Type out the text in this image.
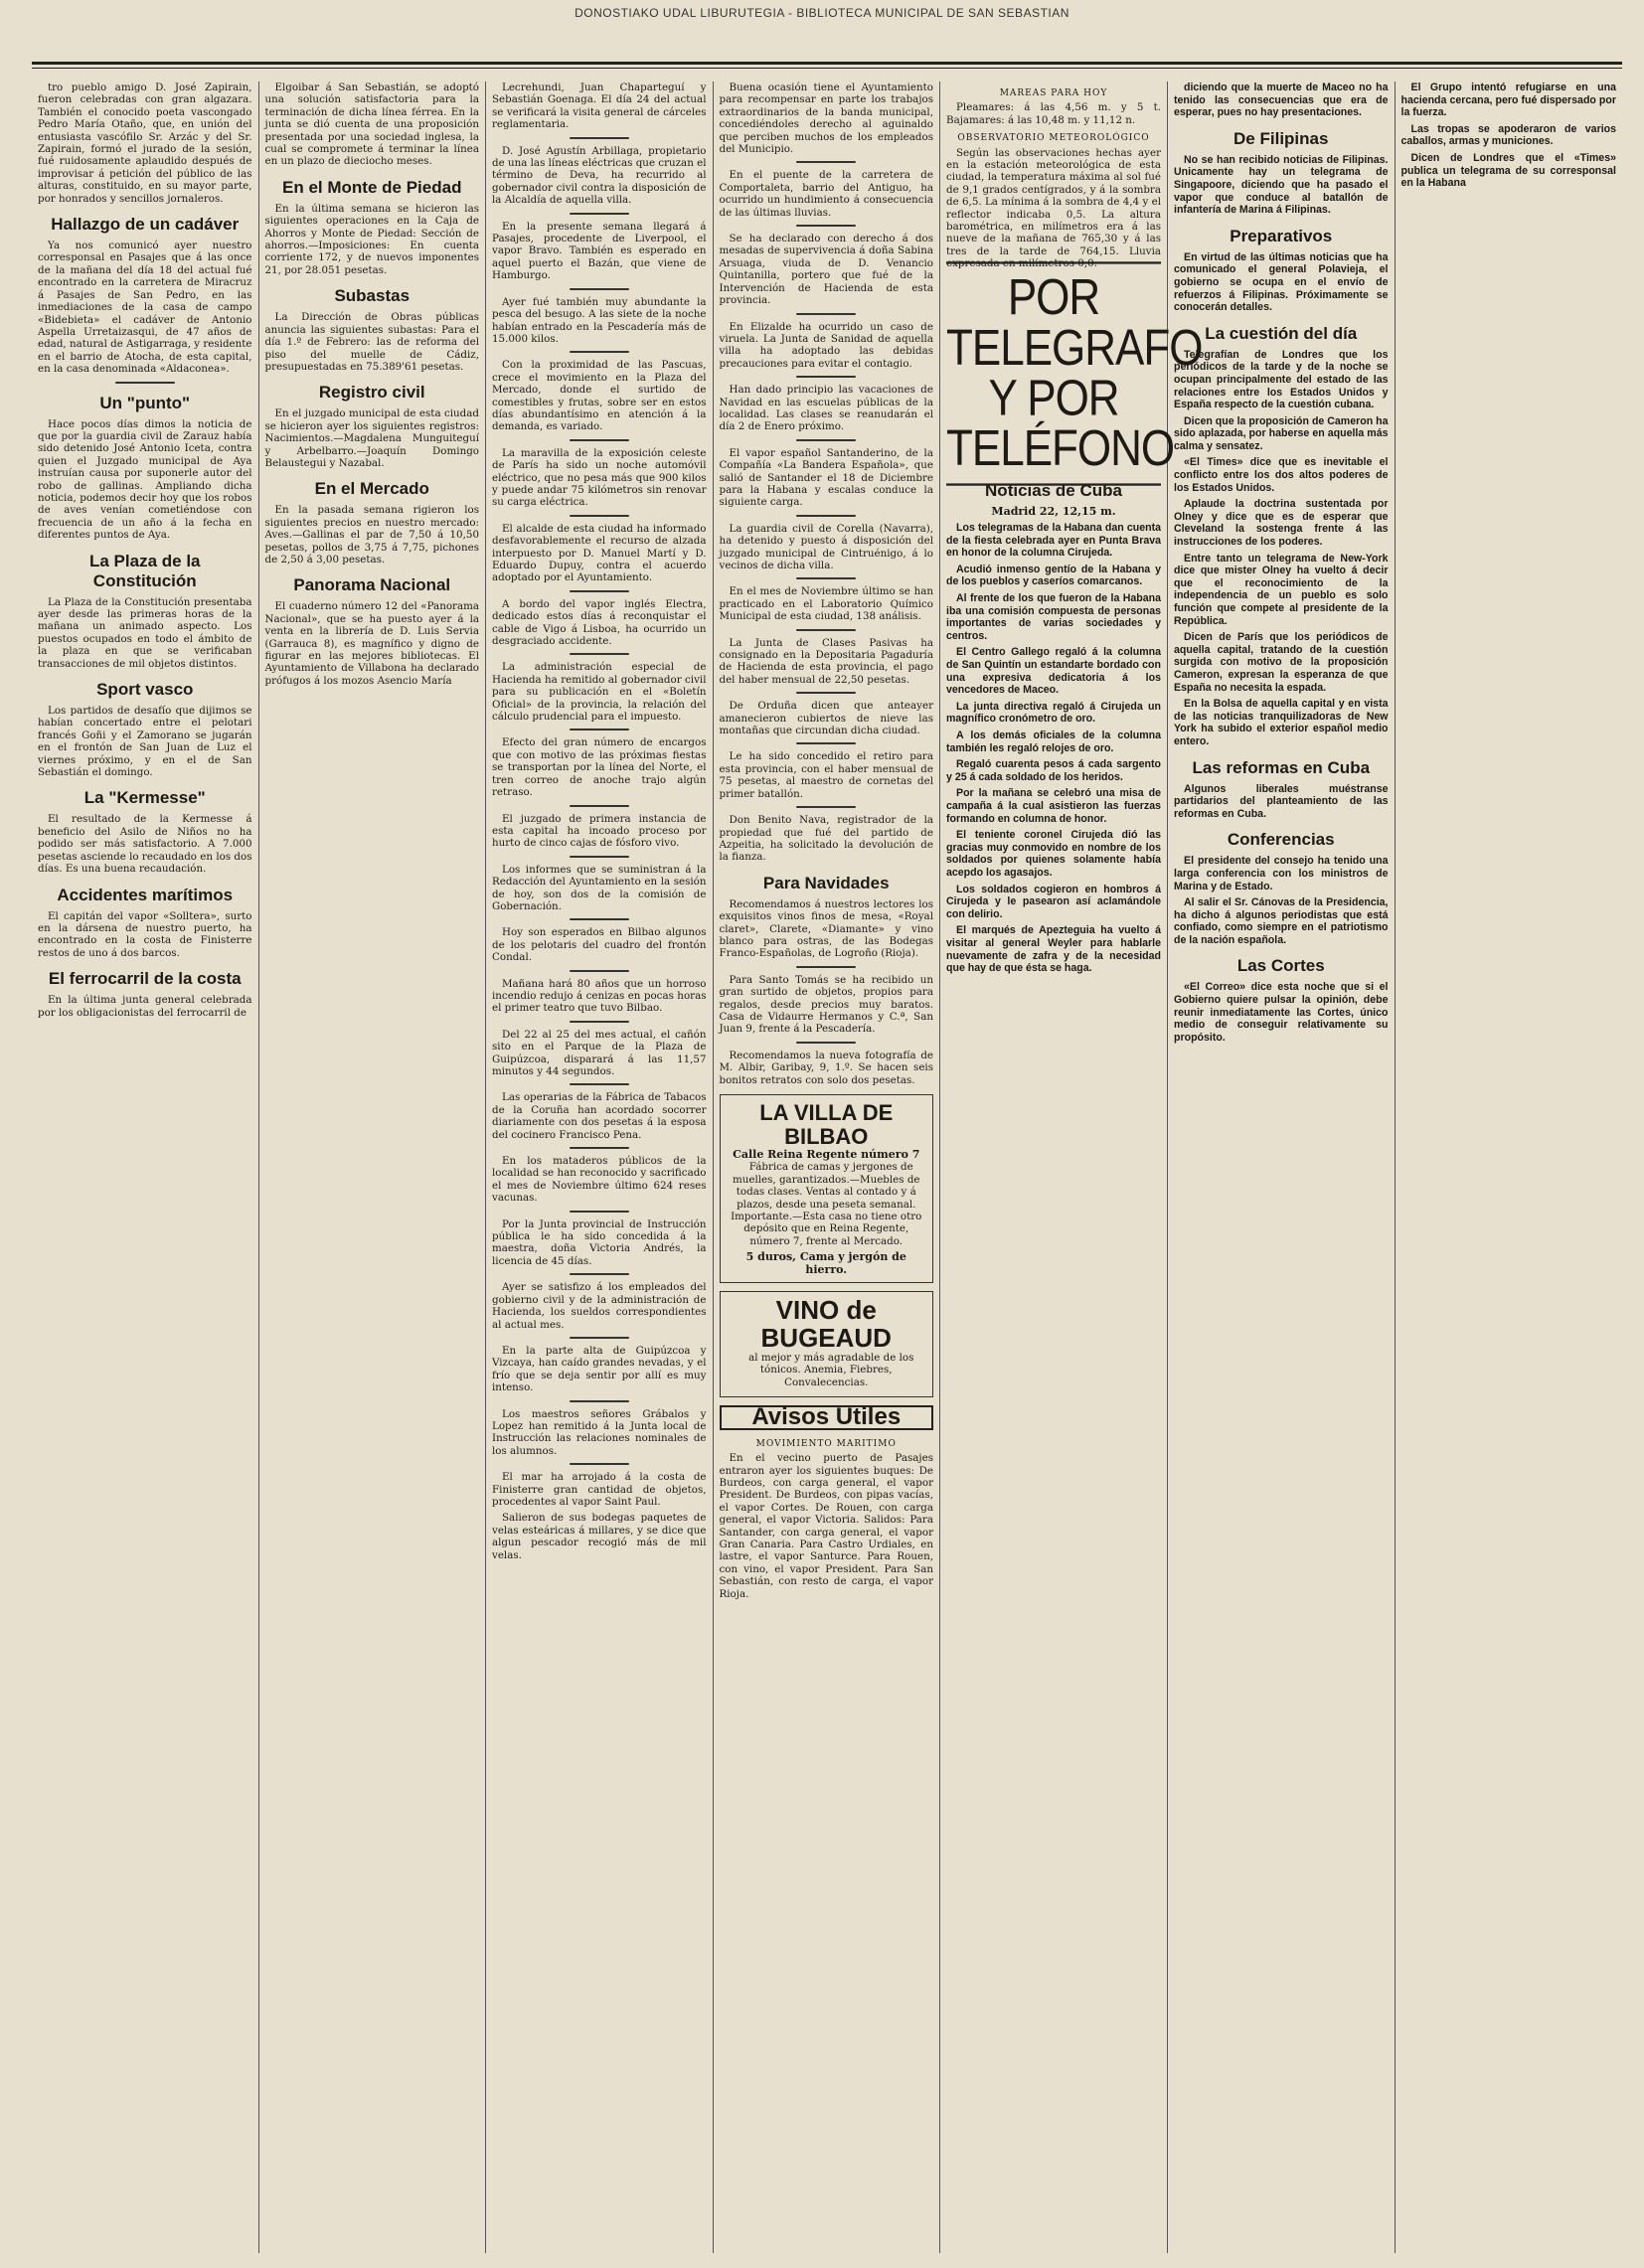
DONOSTIAKO UDAL LIBURUTEGIA - BIBLIOTECA MUNICIPAL DE SAN SEBASTIAN

tro pueblo amigo D. José Zapirain, fueron celebradas con gran algazara. También el conocido poeta vascongado Pedro María Otaño, que, en unión del entusiasta vascófilo Sr. Arzác y del Sr. Zapirain, formó el jurado de la sesión, fué ruidosamente aplaudido después de improvisar á petición del público de las alturas, constituido, en su mayor parte, por honrados y sencillos jornaleros.

Hallazgo de un cadáver

Ya nos comunicó ayer nuestro corresponsal en Pasajes que á las once de la mañana del día 18 del actual fué encontrado en la carretera de Miracruz á Pasajes de San Pedro, en las inmediaciones de la casa de campo «Bidebieta» el cadáver de Antonio Aspella Urretaizasqui, de 47 años de edad, natural de Astigarraga, y residente en el barrio de Atocha, de esta capital, en la casa denominada «Aldaconea».

Un "punto"

Hace pocos días dimos la noticia de que por la guardia civil de Zarauz había sido detenido José Antonio Iceta, contra quien el Juzgado municipal de Aya instruían causa por suponerle autor del robo de gallinas. Ampliando dicha noticia, podemos decir hoy que los robos de aves venían cometiéndose con frecuencia de un año á la fecha en diferentes puntos de Aya.

La Plaza de la Constitución

La Plaza de la Constitución presentaba ayer desde las primeras horas de la mañana un animado aspecto. Los puestos ocupados en todo el ámbito de la plaza en que se verificaban transacciones de mil objetos distintos.

Sport vasco

Los partidos de desafío que dijimos se habían concertado entre el pelotari francés Goñi y el Zamorano se jugarán en el frontón de San Juan de Luz el viernes próximo, y en el de San Sebastián el domingo.

La "Kermesse"

El resultado de la Kermesse á beneficio del Asilo de Niños no ha podido ser más satisfactorio. A 7.000 pesetas asciende lo recaudado en los dos días. Es una buena recaudación.

Accidentes marítimos

El capitán del vapor «Solltera», surto en la dársena de nuestro puerto, ha encontrado en la costa de Finisterre restos de uno á dos barcos.

El ferrocarril de la costa

En la última junta general celebrada por los obligacionistas del ferrocarril de

Elgoibar á San Sebastián, se adoptó una solución satisfactoria para la terminación de dicha línea férrea. En la junta se dió cuenta de una proposición presentada por una sociedad inglesa, la cual se compromete á terminar la línea en un plazo de dieciocho meses.

En el Monte de Piedad

En la última semana se hicieron las siguientes operaciones en la Caja de Ahorros y Monte de Piedad: Sección de ahorros.—Imposiciones: En cuenta corriente 172, y de nuevos imponentes 21, por 28.051 pesetas.

Subastas

La Dirección de Obras públicas anuncia las siguientes subastas: Para el día 1.º de Febrero: las de reforma del piso del muelle de Cádiz, presupuestadas en 75.389'61 pesetas.

Registro civil

En el juzgado municipal de esta ciudad se hicieron ayer los siguientes registros: Nacimientos.—Magdalena Munguiteguí y Arbelbarro.—Joaquín Domingo Belaustegui y Nazabal.

En el Mercado

En la pasada semana rigieron los siguientes precios en nuestro mercado: Aves.—Gallinas el par de 7,50 á 10,50 pesetas, pollos de 3,75 á 7,75, pichones de 2,50 á 3,00 pesetas.

Panorama Nacional

El cuaderno número 12 del «Panorama Nacional», que se ha puesto ayer á la venta en la librería de D. Luis Servia (Garrauca 8), es magnífico y digno de figurar en las mejores bibliotecas. El Ayuntamiento de Villabona ha declarado prófugos á los mozos Asencio María

Lecrehundi, Juan Chaparteguí y Sebastián Goenaga. El día 24 del actual se verificará la visita general de cárceles reglamentaria.

D. José Agustín Arbillaga, propietario de una las líneas eléctricas que cruzan el término de Deva, ha recurrido al gobernador civil contra la disposición de la Alcaldía de aquella villa.

En la presente semana llegará á Pasajes, procedente de Liverpool, el vapor Bravo. También es esperado en aquel puerto el Bazán, que viene de Hamburgo.

Ayer fué también muy abundante la pesca del besugo. A las siete de la noche habían entrado en la Pescadería más de 15.000 kilos.

Con la proximidad de las Pascuas, crece el movimiento en la Plaza del Mercado, donde el surtido de comestibles y frutas, sobre ser en estos días abundantísimo en atención á la demanda, es variado.

La maravilla de la exposición celeste de París ha sido un noche automóvil eléctrico, que no pesa más que 900 kilos y puede andar 75 kilómetros sin renovar su carga eléctrica.

El alcalde de esta ciudad ha informado desfavorablemente el recurso de alzada interpuesto por D. Manuel Martí y D. Eduardo Dupuy, contra el acuerdo adoptado por el Ayuntamiento.

A bordo del vapor inglés Electra, dedicado estos días á reconquistar el cable de Vigo á Lisboa, ha ocurrido un desgraciado accidente.

La administración especial de Hacienda ha remitido al gobernador civil para su publicación en el «Boletín Oficial» de la provincia, la relación del cálculo prudencial para el impuesto.

Efecto del gran número de encargos que con motivo de las próximas fiestas se transportan por la línea del Norte, el tren correo de anoche trajo algún retraso.

El juzgado de primera instancia de esta capital ha incoado proceso por hurto de cinco cajas de fósforo vivo.

Los informes que se suministran á la Redacción del Ayuntamiento en la sesión de hoy, son dos de la comisión de Gobernación.

Hoy son esperados en Bilbao algunos de los pelotaris del cuadro del frontón Condal.

Mañana hará 80 años que un horroso incendio redujo á cenizas en pocas horas el primer teatro que tuvo Bilbao.

Del 22 al 25 del mes actual, el cañón sito en el Parque de la Plaza de Guipúzcoa, disparará á las 11,57 minutos y 44 segundos.

Las operarias de la Fábrica de Tabacos de la Coruña han acordado socorrer diariamente con dos pesetas á la esposa del cocinero Francisco Pena.

En los mataderos públicos de la localidad se han reconocido y sacrificado el mes de Noviembre último 624 reses vacunas.

Por la Junta provincial de Instrucción pública le ha sido concedida á la maestra, doña Victoria Andrés, la licencia de 45 días.

Ayer se satisfizo á los empleados del gobierno civil y de la administración de Hacienda, los sueldos correspondientes al actual mes.

En la parte alta de Guipúzcoa y Vizcaya, han caído grandes nevadas, y el frío que se deja sentir por allí es muy intenso.

Los maestros señores Grábalos y Lopez han remitido á la Junta local de Instrucción las relaciones nominales de los alumnos.

El mar ha arrojado á la costa de Finisterre gran cantidad de objetos, procedentes al vapor Saint Paul.

Salieron de sus bodegas paquetes de velas esteáricas á millares, y se dice que algun pescador recogió más de mil velas.

Buena ocasión tiene el Ayuntamiento para recompensar en parte los trabajos extraordinarios de la banda municipal, concediéndoles derecho al aguinaldo que perciben muchos de los empleados del Municipio.

En el puente de la carretera de Comportaleta, barrio del Antiguo, ha ocurrido un hundimiento á consecuencia de las últimas lluvias.

Se ha declarado con derecho á dos mesadas de supervivencia á doña Sabina Arsuaga, viuda de D. Venancio Quintanilla, portero que fué de la Intervención de Hacienda de esta provincia.

En Elizalde ha ocurrido un caso de viruela. La Junta de Sanidad de aquella villa ha adoptado las debidas precauciones para evitar el contagio.

Han dado principio las vacaciones de Navidad en las escuelas públicas de la localidad. Las clases se reanudarán el día 2 de Enero próximo.

El vapor español Santanderino, de la Compañía «La Bandera Española», que salió de Santander el 18 de Diciembre para la Habana y escalas conduce la siguiente carga.

La guardia civil de Corella (Navarra), ha detenido y puesto á disposición del juzgado municipal de Cintruénigo, á lo vecinos de dicha villa.

En el mes de Noviembre último se han practicado en el Laboratorio Químico Municipal de esta ciudad, 138 análisis.

La Junta de Clases Pasivas ha consignado en la Depositaria Pagaduría de Hacienda de esta provincia, el pago del haber mensual de 22,50 pesetas.

De Orduña dicen que anteayer amanecieron cubiertos de nieve las montañas que circundan dicha ciudad.

Le ha sido concedido el retiro para esta provincia, con el haber mensual de 75 pesetas, al maestro de cornetas del primer batallón.

Don Benito Nava, registrador de la propiedad que fué del partido de Azpeitia, ha solicitado la devolución de la fianza.

Para Navidades

Recomendamos á nuestros lectores los exquisitos vinos finos de mesa, «Royal claret», Clarete, «Diamante» y vino blanco para ostras, de las Bodegas Franco-Españolas, de Logroño (Rioja).

Para Santo Tomás se ha recibido un gran surtido de objetos, propios para regalos, desde precios muy baratos. Casa de Vidaurre Hermanos y C.ª, San Juan 9, frente á la Pescadería.

Recomendamos la nueva fotografía de M. Albir, Garibay, 9, 1.º. Se hacen seis bonitos retratos con solo dos pesetas.

LA VILLA DE BILBAO
Calle Reina Regente número 7

Fábrica de camas y jergones de muelles, garantizados.—Muebles de todas clases. Ventas al contado y á plazos, desde una peseta semanal. Importante.—Esta casa no tiene otro depósito que en Reina Regente, número 7, frente al Mercado.

5 duros, Cama y jergón de hierro.
VINO de BUGEAUD

al mejor y más agradable de los tónicos. Anemia, Fiebres, Convalecencias.

Avisos Utiles
MOVIMIENTO MARITIMO

En el vecino puerto de Pasajes entraron ayer los siguientes buques: De Burdeos, con carga general, el vapor President. De Burdeos, con pipas vacías, el vapor Cortes. De Rouen, con carga general, el vapor Victoria. Salidos: Para Santander, con carga general, el vapor Gran Canaria. Para Castro Urdiales, en lastre, el vapor Santurce. Para Rouen, con vino, el vapor President. Para San Sebastián, con resto de carga, el vapor Rioja.

MAREAS PARA HOY

Pleamares: á las 4,56 m. y 5 t. Bajamares: á las 10,48 m. y 11,12 n.

OBSERVATORIO METEOROLÓGICO

Según las observaciones hechas ayer en la estación meteorológica de esta ciudad, la temperatura máxima al sol fué de 9,1 grados centígrados, y á la sombra de 6,5. La mínima á la sombra de 4,4 y el reflector indicaba 0,5. La altura barométrica, en milímetros era á las nueve de la mañana de 765,30 y á las tres de la tarde de 764,15. Lluvia expresada en milímetros 0,0.

POR TELEGRAFO
Y POR TELÉFONO
Noticias de Cuba
Madrid 22, 12,15 m.

Los telegramas de la Habana dan cuenta de la fiesta celebrada ayer en Punta Brava en honor de la columna Cirujeda.

Acudió inmenso gentío de la Habana y de los pueblos y caseríos comarcanos.

Al frente de los que fueron de la Habana iba una comisión compuesta de personas importantes de varias sociedades y centros.

El Centro Gallego regaló á la columna de San Quintín un estandarte bordado con una expresiva dedicatoria á los vencedores de Maceo.

La junta directiva regaló á Cirujeda un magnífico cronómetro de oro.

A los demás oficiales de la columna también les regaló relojes de oro.

Regaló cuarenta pesos á cada sargento y 25 á cada soldado de los heridos.

Por la mañana se celebró una misa de campaña á la cual asistieron las fuerzas formando en columna de honor.

El teniente coronel Cirujeda dió las gracias muy conmovido en nombre de los soldados por quienes solamente había acepdo los agasajos.

Los soldados cogieron en hombros á Cirujeda y le pasearon así aclamándole con delirio.

El marqués de Apezteguia ha vuelto á visitar al general Weyler para hablarle nuevamente de zafra y de la necesidad que hay de que ésta se haga.

diciendo que la muerte de Maceo no ha tenido las consecuencias que era de esperar, pues no hay presentaciones.

De Filipinas

No se han recibido noticias de Filipinas. Unicamente hay un telegrama de Singapoore, diciendo que ha pasado el vapor que conduce al batallón de infantería de Marina á Filipinas.

Preparativos

En virtud de las últimas noticias que ha comunicado el general Polavieja, el gobierno se ocupa en el envío de refuerzos á Filipinas. Próximamente se conocerán detalles.

La cuestión del día

Telegrafían de Londres que los periódicos de la tarde y de la noche se ocupan principalmente del estado de las relaciones entre los Estados Unidos y España respecto de la cuestión cubana.

Dicen que la proposición de Cameron ha sido aplazada, por haberse en aquella más calma y sensatez.

«El Times» dice que es inevitable el conflicto entre los dos altos poderes de los Estados Unidos.

Aplaude la doctrina sustentada por Olney y dice que es de esperar que Cleveland la sostenga frente á las instrucciones de los poderes.

Entre tanto un telegrama de New-York dice que mister Olney ha vuelto á decir que el reconocimiento de la independencia de un pueblo es solo función que compete al presidente de la República.

Dicen de París que los periódicos de aquella capital, tratando de la cuestión surgida con motivo de la proposición Cameron, expresan la esperanza de que España no necesita la espada.

En la Bolsa de aquella capital y en vista de las noticias tranquilizadoras de New York ha subido el exterior español medio entero.

Las reformas en Cuba

Algunos liberales muéstranse partidarios del planteamiento de las reformas en Cuba.

Conferencias

El presidente del consejo ha tenido una larga conferencia con los ministros de Marina y de Estado.

Al salir el Sr. Cánovas de la Presidencia, ha dicho á algunos periodistas que está confiado, como siempre en el patriotismo de la nación española.

Las Cortes

«El Correo» dice esta noche que si el Gobierno quiere pulsar la opinión, debe reunir inmediatamente las Cortes, único medio de conseguir relativamente su propósito.

El Grupo intentó refugiarse en una hacienda cercana, pero fué dispersado por la fuerza.

Las tropas se apoderaron de varios caballos, armas y municiones.

Dicen de Londres que el «Times» publica un telegrama de su corresponsal en la Habana
